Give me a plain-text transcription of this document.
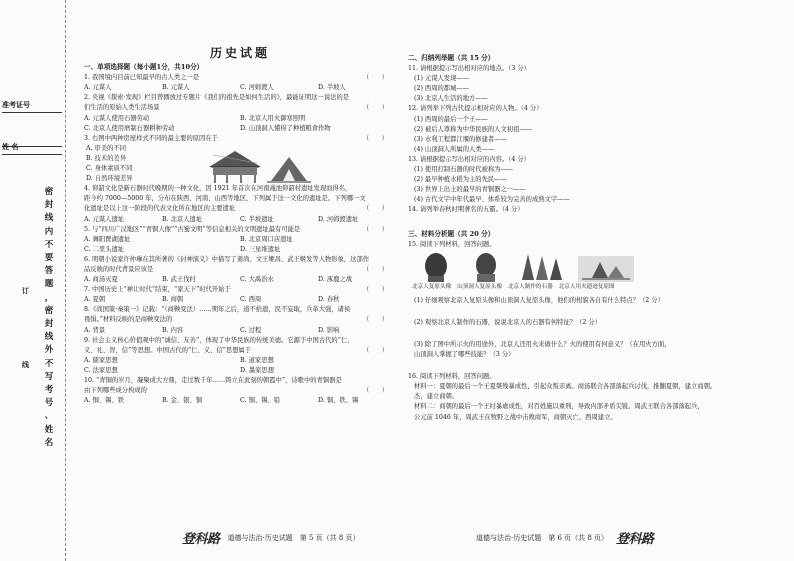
准考证号
姓 名
密
封
线
内
不
要
答
题
，
密
封
线
外
不
写
考
号
、
姓
名
订
线
历史试题
一、单项选择题（每小题1分，共10分）
1. 我国境内目前已知最早的古人类之一是	（　　）
A. 元谋人	B. 元谋人	C. 河姆渡人	D. 半坡人
2. 央视《探索·发现》栏目曾播放过专题片《我们的祖先是如何生活的》，最能证明这一说法的是
们生活的原始人类生活场景	（　　）
A. 元谋人使用石器劳动	B. 北京人用火御寒照明
C. 北京人使用磨制石器耕种劳动	D. 山顶洞人懂得了种植粮食作物
3. 右图中两种房屋样式不同的最主要的原因在于	（　　）
A. 审美的不同
B. 技术的差异
C. 身体素质不同
D. 自然环境差异
4. 仰韶文化是新石器时代晚期的一种文化，因 1921 年首次在河南渑池仰韶村遗址发现而得名，
距今约 7000—5000 年，分布在陕西、河南、山西等地区，下列属于这一文化的遗址是。下列哪一文
化遗址是以上这一阶段的代表文化所在地区的主要遗址	（　　）
A. 元谋人遗址	B. 北京人遗址	C. 半坡遗址	D. 河姆渡遗址
5. 与“四川广汉地区”“青铜人像”“古蜀文明”等信息相关的文明遗址最有可能是	（　　）
A. 舞阳贾湖遗址	B. 北京周口店遗址
C. 二里头遗址	D. 三星堆遗址
6. 明朝小说家许仲琳在其所著的《封神演义》中描写了姜尚、文王姬昌、武王姬发等人物形象，这部作
品反映的时代背景应该是	（　　）
A. 商汤灭夏	B. 武王伐纣	C. 大禹治水	D. 涿鹿之战
7. 中国历史上“禅让时代”结束，“家天下”时代开始于	（　　）
A. 夏朝	B. 商朝	C. 西周	D. 春秋
8.《战国策·秦策一》记载：“（商鞅变法）……期年之后，道不拾遗，民不妄取，兵革大强，诸侯
畏惧。”材料反映的是商鞅变法的	（　　）
A. 背景	B. 内容	C. 过程	D. 影响
9. 社会主义核心价值观中的“诚信、友善”，体现了中华民族的传统美德。它源于中国古代的“仁、
义、礼、智、信”等思想。中国古代的“仁、义、信”思想属于	（　　）
A. 儒家思想	B. 道家思想
C. 法家思想	D. 墨家思想
10. “青铜的岁月，凝聚成大方鼎，走过数千年……铸立在此刻的朝霞中”，诗歌中的青铜器是
由下列哪些成分构成的	（　　）
A. 铜、锡、铁	B. 金、银、铜	C. 铜、锡、铅	D. 铜、铁、锡
登科路 道德与法治·历史试题　第 5 页（共 8 页）
二、归纳列举题（共 15 分）
11. 请根据提示写出相对应的地点。（3 分）
(1) 元谋人发现——
(2) 西周的都城——
(3) 北京人生活的地方——
12. 请列举下列古代提示相对应的人物。（4 分）
(1) 西周的最后一个王——
(2) 被后人尊称为中华民族的人文初祖——
(3) 水利工程都江堰的修建者——
(4) 山顶洞人所属的人类——
13. 请根据提示写出相对应的内容。（4 分）
(1) 使用打制石器的时代被称为——
(2) 最早种植水稻为主的先民——
(3) 世界上出土的最早的青铜器之一——
(4) 古代文字中年代最早、体系较为完善的成熟文字——
14. 请列举春秋时期著名的五霸。（4 分）
三、材料分析题（共 20 分）
15. 阅读下列材料，回答问题。
北京人复原头像 山顶洞人复原头像 北京人制作的石器 北京人用火遗迹复原图
(1) 仔细观察北京人复原头像和山顶洞人复原头像，他们的相貌各自有什么特点？（2 分）
(2) 观察北京人制作的石器，说说北京人的石器有何特征？（2 分）
(3) 除了图中所示火的用途外，北京人还用火来做什么？火的使用有何意义？（在用火方面，
山顶洞人掌握了哪些技能？（3 分）
16. 阅读下列材料，回答问题。
材料一：夏朝的最后一个王夏桀残暴成性，引起众叛亲离。商汤联合各部落起兵讨伐，推翻夏朝，建立商朝。
杰，建立商朝。
材料二：商朝的最后一个王纣暴虐成性，对百姓施以重刑，导致内部矛盾尖锐。周武王联合各部落起兵，
公元前 1046 年，周武王在牧野之战中击败商军，商朝灭亡，西周建立。
道德与法治·历史试题　第 6 页（共 8 页） 登科路
